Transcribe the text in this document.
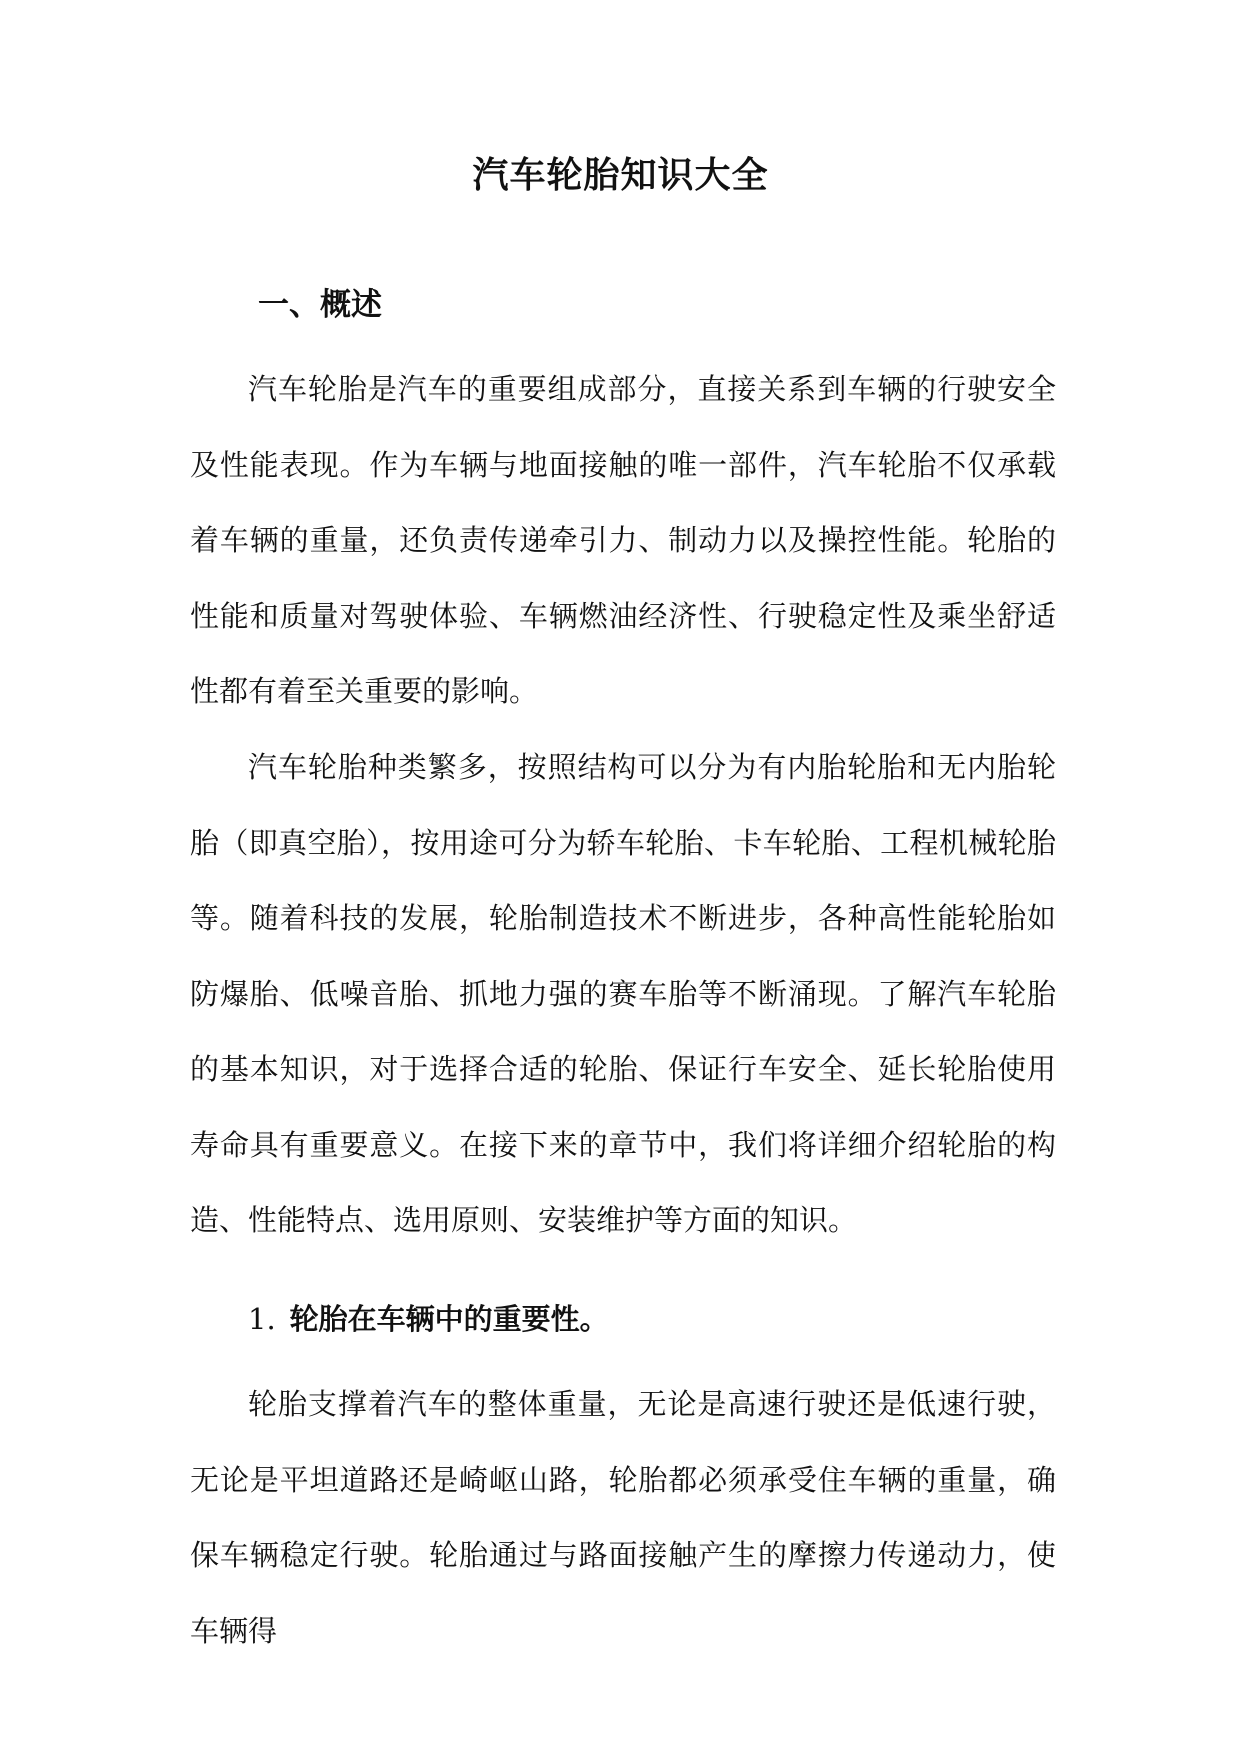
汽车轮胎知识大全
一、概述

汽车轮胎是汽车的重要组成部分，直接关系到车辆的行驶安全及性能表现。作为车辆与地面接触的唯一部件，汽车轮胎不仅承载着车辆的重量，还负责传递牵引力、制动力以及操控性能。轮胎的性能和质量对驾驶体验、车辆燃油经济性、行驶稳定性及乘坐舒适性都有着至关重要的影响。

汽车轮胎种类繁多，按照结构可以分为有内胎轮胎和无内胎轮胎（即真空胎），按用途可分为轿车轮胎、卡车轮胎、工程机械轮胎等。随着科技的发展，轮胎制造技术不断进步，各种高性能轮胎如防爆胎、低噪音胎、抓地力强的赛车胎等不断涌现。了解汽车轮胎的基本知识，对于选择合适的轮胎、保证行车安全、延长轮胎使用寿命具有重要意义。在接下来的章节中，我们将详细介绍轮胎的构造、性能特点、选用原则、安装维护等方面的知识。

1. 轮胎在车辆中的重要性。

轮胎支撑着汽车的整体重量，无论是高速行驶还是低速行驶，无论是平坦道路还是崎岖山路，轮胎都必须承受住车辆的重量，确保车辆稳定行驶。轮胎通过与路面接触产生的摩擦力传递动力，使车辆得
